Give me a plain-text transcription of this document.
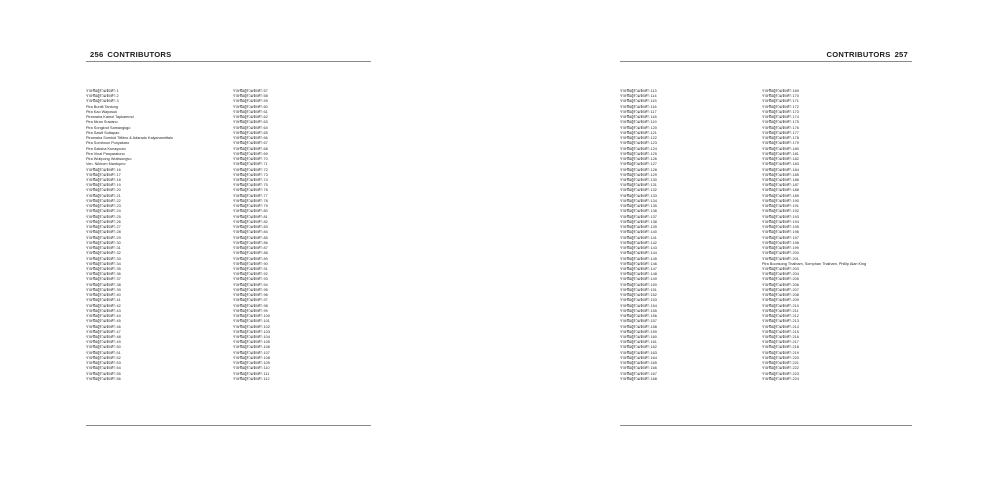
256 CONTRIBUTORS
รายชื่อผู้ร่วมจัดทำ 1
รายชื่อผู้ร่วมจัดทำ 2
รายชื่อผู้ร่วมจัดทำ 3
Pira Buntit Tantong
Pira Kao Wayosuk
Piramaha Kamol Tapkammd
Pira Niran Suwano
Pira Songkrot Samangkgo
Pira Sawit Suttapao
Piramaha Somkid Tittitno & Adarado Kalyanamittalo
Pira Somboon Punyakaro
Pira Saksha Kunayooto
Pira Vinai Panyaratono
Pira Wutipong Wutiwungvo
Ven. Nikhom Mantupno
รายชื่อผู้ร่วมจัดทำ 16
รายชื่อผู้ร่วมจัดทำ 17
รายชื่อผู้ร่วมจัดทำ 18
รายชื่อผู้ร่วมจัดทำ 19
รายชื่อผู้ร่วมจัดทำ 20
รายชื่อผู้ร่วมจัดทำ 21
รายชื่อผู้ร่วมจัดทำ 22
รายชื่อผู้ร่วมจัดทำ 23
รายชื่อผู้ร่วมจัดทำ 24
รายชื่อผู้ร่วมจัดทำ 25
รายชื่อผู้ร่วมจัดทำ 26
รายชื่อผู้ร่วมจัดทำ 27
รายชื่อผู้ร่วมจัดทำ 28
รายชื่อผู้ร่วมจัดทำ 29
รายชื่อผู้ร่วมจัดทำ 30
รายชื่อผู้ร่วมจัดทำ 31
รายชื่อผู้ร่วมจัดทำ 32
รายชื่อผู้ร่วมจัดทำ 33
รายชื่อผู้ร่วมจัดทำ 34
รายชื่อผู้ร่วมจัดทำ 35
รายชื่อผู้ร่วมจัดทำ 36
รายชื่อผู้ร่วมจัดทำ 37
รายชื่อผู้ร่วมจัดทำ 38
รายชื่อผู้ร่วมจัดทำ 39
รายชื่อผู้ร่วมจัดทำ 40
รายชื่อผู้ร่วมจัดทำ 41
รายชื่อผู้ร่วมจัดทำ 42
รายชื่อผู้ร่วมจัดทำ 43
รายชื่อผู้ร่วมจัดทำ 44
รายชื่อผู้ร่วมจัดทำ 45
รายชื่อผู้ร่วมจัดทำ 46
รายชื่อผู้ร่วมจัดทำ 47
รายชื่อผู้ร่วมจัดทำ 48
รายชื่อผู้ร่วมจัดทำ 49
รายชื่อผู้ร่วมจัดทำ 50
รายชื่อผู้ร่วมจัดทำ 51
รายชื่อผู้ร่วมจัดทำ 52
รายชื่อผู้ร่วมจัดทำ 53
รายชื่อผู้ร่วมจัดทำ 54
รายชื่อผู้ร่วมจัดทำ 55
รายชื่อผู้ร่วมจัดทำ 56
รายชื่อผู้ร่วมจัดทำ 57
รายชื่อผู้ร่วมจัดทำ 58
รายชื่อผู้ร่วมจัดทำ 59
รายชื่อผู้ร่วมจัดทำ 60
รายชื่อผู้ร่วมจัดทำ 61
รายชื่อผู้ร่วมจัดทำ 62
รายชื่อผู้ร่วมจัดทำ 63
รายชื่อผู้ร่วมจัดทำ 64
รายชื่อผู้ร่วมจัดทำ 65
รายชื่อผู้ร่วมจัดทำ 66
รายชื่อผู้ร่วมจัดทำ 67
รายชื่อผู้ร่วมจัดทำ 68
รายชื่อผู้ร่วมจัดทำ 69
รายชื่อผู้ร่วมจัดทำ 70
รายชื่อผู้ร่วมจัดทำ 71
รายชื่อผู้ร่วมจัดทำ 72
รายชื่อผู้ร่วมจัดทำ 73
รายชื่อผู้ร่วมจัดทำ 74
รายชื่อผู้ร่วมจัดทำ 75
รายชื่อผู้ร่วมจัดทำ 76
รายชื่อผู้ร่วมจัดทำ 77
รายชื่อผู้ร่วมจัดทำ 78
รายชื่อผู้ร่วมจัดทำ 79
รายชื่อผู้ร่วมจัดทำ 80
รายชื่อผู้ร่วมจัดทำ 81
รายชื่อผู้ร่วมจัดทำ 82
รายชื่อผู้ร่วมจัดทำ 83
รายชื่อผู้ร่วมจัดทำ 84
รายชื่อผู้ร่วมจัดทำ 85
รายชื่อผู้ร่วมจัดทำ 86
รายชื่อผู้ร่วมจัดทำ 87
รายชื่อผู้ร่วมจัดทำ 88
รายชื่อผู้ร่วมจัดทำ 89
รายชื่อผู้ร่วมจัดทำ 90
รายชื่อผู้ร่วมจัดทำ 91
รายชื่อผู้ร่วมจัดทำ 92
รายชื่อผู้ร่วมจัดทำ 93
รายชื่อผู้ร่วมจัดทำ 94
รายชื่อผู้ร่วมจัดทำ 95
รายชื่อผู้ร่วมจัดทำ 96
รายชื่อผู้ร่วมจัดทำ 97
รายชื่อผู้ร่วมจัดทำ 98
รายชื่อผู้ร่วมจัดทำ 99
รายชื่อผู้ร่วมจัดทำ 100
รายชื่อผู้ร่วมจัดทำ 101
รายชื่อผู้ร่วมจัดทำ 102
รายชื่อผู้ร่วมจัดทำ 103
รายชื่อผู้ร่วมจัดทำ 104
รายชื่อผู้ร่วมจัดทำ 105
รายชื่อผู้ร่วมจัดทำ 106
รายชื่อผู้ร่วมจัดทำ 107
รายชื่อผู้ร่วมจัดทำ 108
รายชื่อผู้ร่วมจัดทำ 109
รายชื่อผู้ร่วมจัดทำ 110
รายชื่อผู้ร่วมจัดทำ 111
รายชื่อผู้ร่วมจัดทำ 112
CONTRIBUTORS 257
รายชื่อผู้ร่วมจัดทำ 113
รายชื่อผู้ร่วมจัดทำ 114
รายชื่อผู้ร่วมจัดทำ 115
รายชื่อผู้ร่วมจัดทำ 116
รายชื่อผู้ร่วมจัดทำ 117
รายชื่อผู้ร่วมจัดทำ 118
รายชื่อผู้ร่วมจัดทำ 119
รายชื่อผู้ร่วมจัดทำ 120
รายชื่อผู้ร่วมจัดทำ 121
รายชื่อผู้ร่วมจัดทำ 122
รายชื่อผู้ร่วมจัดทำ 123
รายชื่อผู้ร่วมจัดทำ 124
รายชื่อผู้ร่วมจัดทำ 125
รายชื่อผู้ร่วมจัดทำ 126
รายชื่อผู้ร่วมจัดทำ 127
รายชื่อผู้ร่วมจัดทำ 128
รายชื่อผู้ร่วมจัดทำ 129
รายชื่อผู้ร่วมจัดทำ 130
รายชื่อผู้ร่วมจัดทำ 131
รายชื่อผู้ร่วมจัดทำ 132
รายชื่อผู้ร่วมจัดทำ 133
รายชื่อผู้ร่วมจัดทำ 134
รายชื่อผู้ร่วมจัดทำ 135
รายชื่อผู้ร่วมจัดทำ 136
รายชื่อผู้ร่วมจัดทำ 137
รายชื่อผู้ร่วมจัดทำ 138
รายชื่อผู้ร่วมจัดทำ 139
รายชื่อผู้ร่วมจัดทำ 140
รายชื่อผู้ร่วมจัดทำ 141
รายชื่อผู้ร่วมจัดทำ 142
รายชื่อผู้ร่วมจัดทำ 143
รายชื่อผู้ร่วมจัดทำ 144
รายชื่อผู้ร่วมจัดทำ 145
รายชื่อผู้ร่วมจัดทำ 146
รายชื่อผู้ร่วมจัดทำ 147
รายชื่อผู้ร่วมจัดทำ 148
รายชื่อผู้ร่วมจัดทำ 149
รายชื่อผู้ร่วมจัดทำ 150
รายชื่อผู้ร่วมจัดทำ 151
รายชื่อผู้ร่วมจัดทำ 152
รายชื่อผู้ร่วมจัดทำ 153
รายชื่อผู้ร่วมจัดทำ 154
รายชื่อผู้ร่วมจัดทำ 155
รายชื่อผู้ร่วมจัดทำ 156
รายชื่อผู้ร่วมจัดทำ 157
รายชื่อผู้ร่วมจัดทำ 158
รายชื่อผู้ร่วมจัดทำ 159
รายชื่อผู้ร่วมจัดทำ 160
รายชื่อผู้ร่วมจัดทำ 161
รายชื่อผู้ร่วมจัดทำ 162
รายชื่อผู้ร่วมจัดทำ 163
รายชื่อผู้ร่วมจัดทำ 164
รายชื่อผู้ร่วมจัดทำ 165
รายชื่อผู้ร่วมจัดทำ 166
รายชื่อผู้ร่วมจัดทำ 167
รายชื่อผู้ร่วมจัดทำ 168
รายชื่อผู้ร่วมจัดทำ 169
รายชื่อผู้ร่วมจัดทำ 170
รายชื่อผู้ร่วมจัดทำ 171
รายชื่อผู้ร่วมจัดทำ 172
รายชื่อผู้ร่วมจัดทำ 173
รายชื่อผู้ร่วมจัดทำ 174
รายชื่อผู้ร่วมจัดทำ 175
รายชื่อผู้ร่วมจัดทำ 176
รายชื่อผู้ร่วมจัดทำ 177
รายชื่อผู้ร่วมจัดทำ 178
รายชื่อผู้ร่วมจัดทำ 179
รายชื่อผู้ร่วมจัดทำ 180
รายชื่อผู้ร่วมจัดทำ 181
รายชื่อผู้ร่วมจัดทำ 182
รายชื่อผู้ร่วมจัดทำ 183
รายชื่อผู้ร่วมจัดทำ 184
รายชื่อผู้ร่วมจัดทำ 185
รายชื่อผู้ร่วมจัดทำ 186
รายชื่อผู้ร่วมจัดทำ 187
รายชื่อผู้ร่วมจัดทำ 188
รายชื่อผู้ร่วมจัดทำ 189
รายชื่อผู้ร่วมจัดทำ 190
รายชื่อผู้ร่วมจัดทำ 191
รายชื่อผู้ร่วมจัดทำ 192
รายชื่อผู้ร่วมจัดทำ 193
รายชื่อผู้ร่วมจัดทำ 194
รายชื่อผู้ร่วมจัดทำ 195
รายชื่อผู้ร่วมจัดทำ 196
รายชื่อผู้ร่วมจัดทำ 197
รายชื่อผู้ร่วมจัดทำ 198
รายชื่อผู้ร่วมจัดทำ 199
รายชื่อผู้ร่วมจัดทำ 200
รายชื่อผู้ร่วมจัดทำ 201
Pira Boonsong Thaiham, Somphan Thaiham, Phillip Alan King
รายชื่อผู้ร่วมจัดทำ 203
รายชื่อผู้ร่วมจัดทำ 204
รายชื่อผู้ร่วมจัดทำ 205
รายชื่อผู้ร่วมจัดทำ 206
รายชื่อผู้ร่วมจัดทำ 207
รายชื่อผู้ร่วมจัดทำ 208
รายชื่อผู้ร่วมจัดทำ 209
รายชื่อผู้ร่วมจัดทำ 210
รายชื่อผู้ร่วมจัดทำ 211
รายชื่อผู้ร่วมจัดทำ 212
รายชื่อผู้ร่วมจัดทำ 213
รายชื่อผู้ร่วมจัดทำ 214
รายชื่อผู้ร่วมจัดทำ 215
รายชื่อผู้ร่วมจัดทำ 216
รายชื่อผู้ร่วมจัดทำ 217
รายชื่อผู้ร่วมจัดทำ 218
รายชื่อผู้ร่วมจัดทำ 219
รายชื่อผู้ร่วมจัดทำ 220
รายชื่อผู้ร่วมจัดทำ 221
รายชื่อผู้ร่วมจัดทำ 222
รายชื่อผู้ร่วมจัดทำ 223
รายชื่อผู้ร่วมจัดทำ 224
